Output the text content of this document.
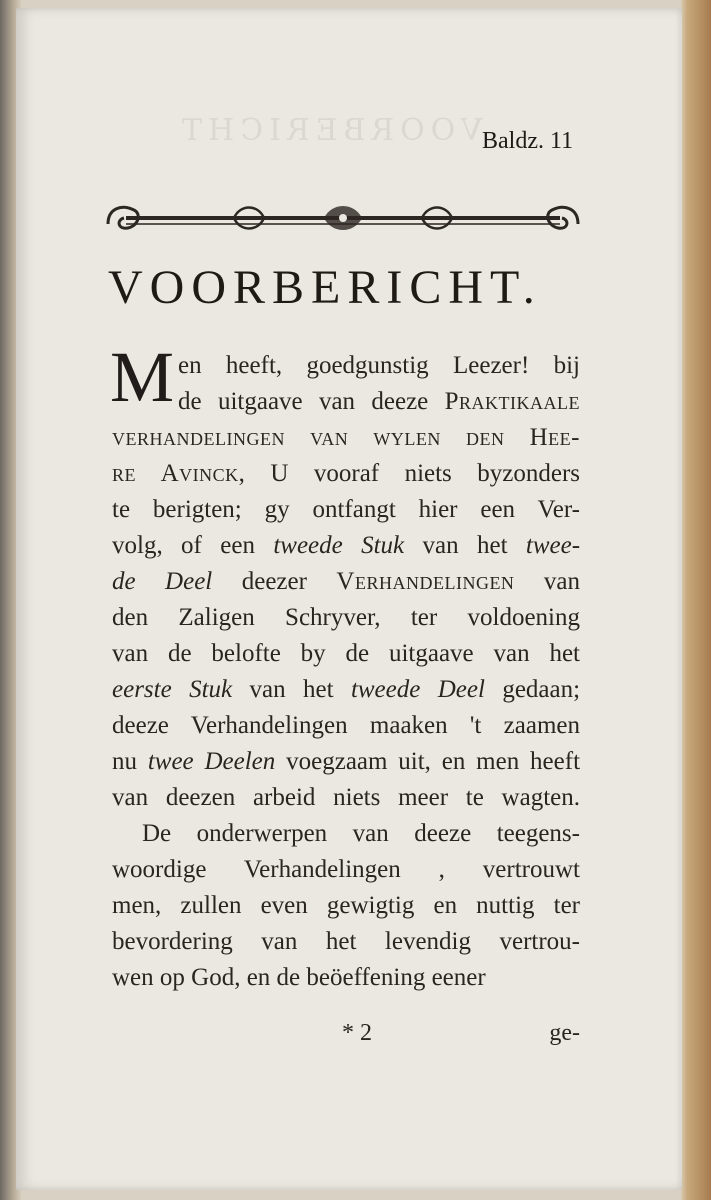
VOORBERICHT Baldz. 11
VOORBERICHT.
M en heeft, goedgunstig Leezer! bij
de uitgaave van deeze Praktikaale
verhandelingen van wylen den Hee-
re Avinck, U vooraf niets byzonders
te berigten; gy ontfangt hier een Ver-
volg, of een tweede Stuk van het twee-
de Deel deezer Verhandelingen van
den Zaligen Schryver, ter voldoening
van de belofte by de uitgaave van het
eerste Stuk van het tweede Deel gedaan;
deeze Verhandelingen maaken 't zaamen
nu twee Deelen voegzaam uit, en men heeft
van deezen arbeid niets meer te wagten.
De onderwerpen van deeze teegens-
woordige Verhandelingen , vertrouwt
men, zullen even gewigtig en nuttig ter
bevordering van het levendig vertrou-
wen op God, en de beöeffening eener
* 2	ge-
